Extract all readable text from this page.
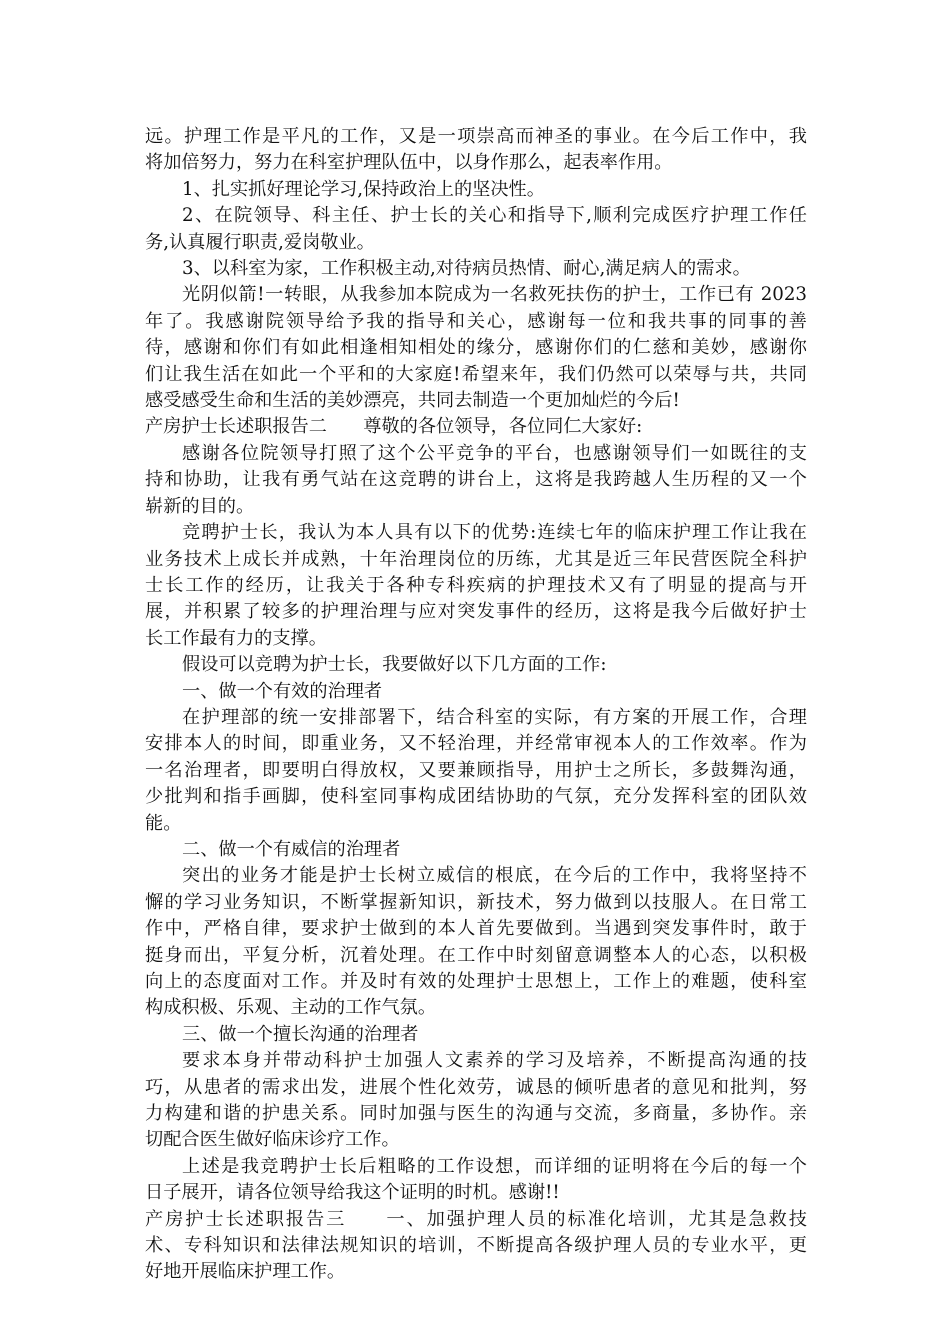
远。护理工作是平凡的工作，又是一项崇高而神圣的事业。在今后工作中，我

将加倍努力，努力在科室护理队伍中，以身作那么，起表率作用。

1、扎实抓好理论学习,保持政治上的坚决性。

2、在院领导、科主任、护士长的关心和指导下,顺利完成医疗护理工作任

务,认真履行职责,爱岗敬业。

3、以科室为家，工作积极主动,对待病员热情、耐心,满足病人的需求。

光阴似箭!一转眼，从我参加本院成为一名救死扶伤的护士，工作已有 2023

年了。我感谢院领导给予我的指导和关心，感谢每一位和我共事的同事的善

待，感谢和你们有如此相逢相知相处的缘分，感谢你们的仁慈和美妙，感谢你

们让我生活在如此一个平和的大家庭!希望来年，我们仍然可以荣辱与共，共同

感受感受生命和生活的美妙漂亮，共同去制造一个更加灿烂的今后!

产房护士长述职报告二　　尊敬的各位领导，各位同仁大家好:

感谢各位院领导打照了这个公平竞争的平台，也感谢领导们一如既往的支

持和协助，让我有勇气站在这竞聘的讲台上，这将是我跨越人生历程的又一个

崭新的目的。

竞聘护士长，我认为本人具有以下的优势:连续七年的临床护理工作让我在

业务技术上成长并成熟，十年治理岗位的历练，尤其是近三年民营医院全科护

士长工作的经历，让我关于各种专科疾病的护理技术又有了明显的提高与开

展，并积累了较多的护理治理与应对突发事件的经历，这将是我今后做好护士

长工作最有力的支撑。

假设可以竞聘为护士长，我要做好以下几方面的工作:

一、做一个有效的治理者

在护理部的统一安排部署下，结合科室的实际，有方案的开展工作，合理

安排本人的时间，即重业务，又不轻治理，并经常审视本人的工作效率。作为

一名治理者，即要明白得放权，又要兼顾指导，用护士之所长，多鼓舞沟通，

少批判和指手画脚，使科室同事构成团结协助的气氛，充分发挥科室的团队效

能。

二、做一个有威信的治理者

突出的业务才能是护士长树立威信的根底，在今后的工作中，我将坚持不

懈的学习业务知识，不断掌握新知识，新技术，努力做到以技服人。在日常工

作中，严格自律，要求护士做到的本人首先要做到。当遇到突发事件时，敢于

挺身而出，平复分析，沉着处理。在工作中时刻留意调整本人的心态，以积极

向上的态度面对工作。并及时有效的处理护士思想上，工作上的难题，使科室

构成积极、乐观、主动的工作气氛。

三、做一个擅长沟通的治理者

要求本身并带动科护士加强人文素养的学习及培养，不断提高沟通的技

巧，从患者的需求出发，进展个性化效劳，诚恳的倾听患者的意见和批判，努

力构建和谐的护患关系。同时加强与医生的沟通与交流，多商量，多协作。亲

切配合医生做好临床诊疗工作。

上述是我竞聘护士长后粗略的工作设想，而详细的证明将在今后的每一个

日子展开，请各位领导给我这个证明的时机。感谢!!

产房护士长述职报告三　　一、加强护理人员的标准化培训，尤其是急救技

术、专科知识和法律法规知识的培训，不断提高各级护理人员的专业水平，更

好地开展临床护理工作。
